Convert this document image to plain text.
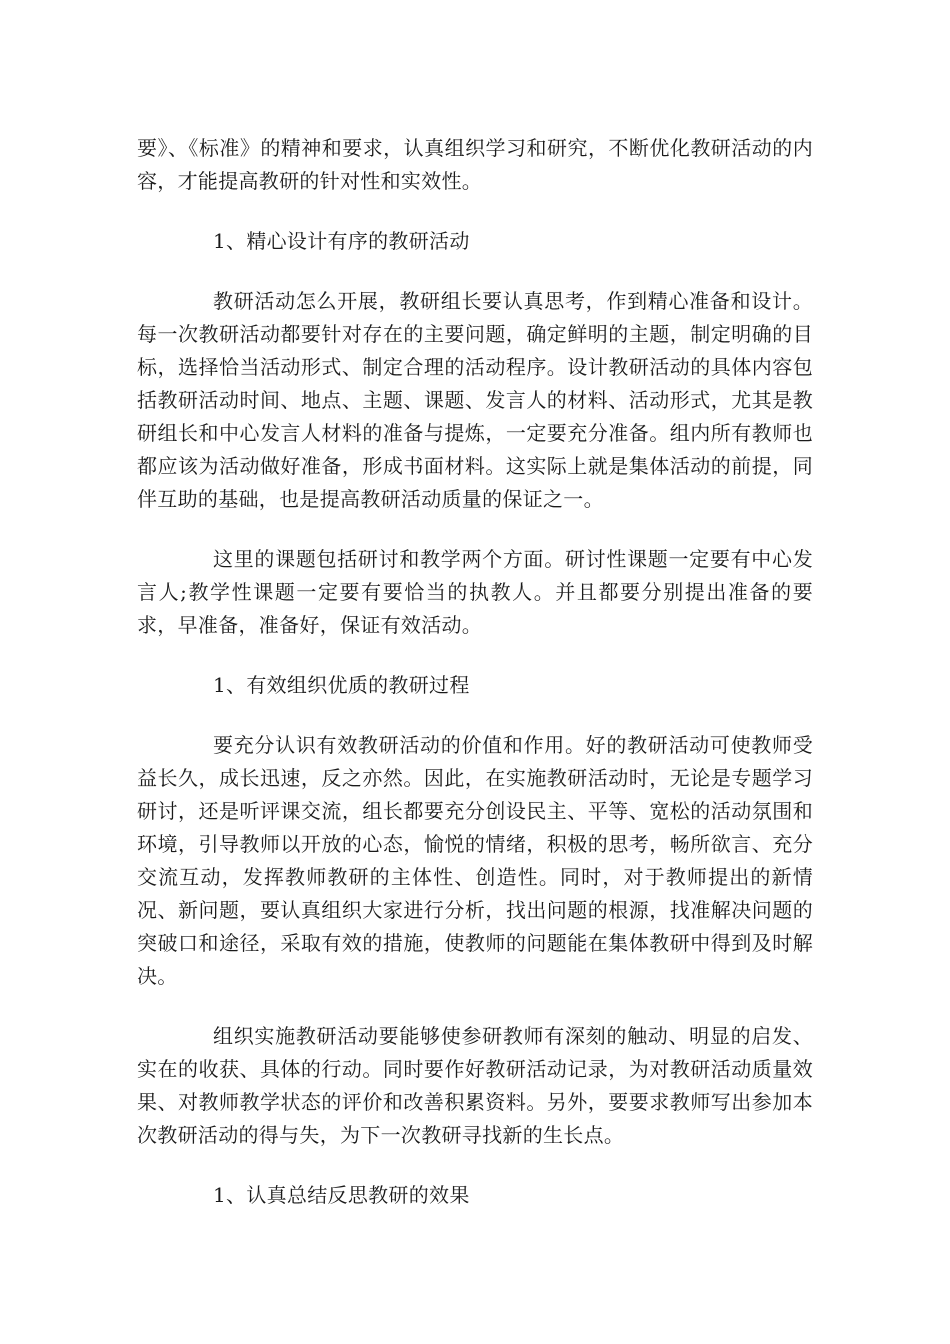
要》、《标准》的精神和要求，认真组织学习和研究，不断优化教研活动的内容，才能提高教研的针对性和实效性。

1、精心设计有序的教研活动

教研活动怎么开展，教研组长要认真思考，作到精心准备和设计。每一次教研活动都要针对存在的主要问题，确定鲜明的主题，制定明确的目标，选择恰当活动形式、制定合理的活动程序。设计教研活动的具体内容包括教研活动时间、地点、主题、课题、发言人的材料、活动形式，尤其是教研组长和中心发言人材料的准备与提炼，一定要充分准备。组内所有教师也都应该为活动做好准备，形成书面材料。这实际上就是集体活动的前提，同伴互助的基础，也是提高教研活动质量的保证之一。

这里的课题包括研讨和教学两个方面。研讨性课题一定要有中心发言人;教学性课题一定要有要恰当的执教人。并且都要分别提出准备的要求，早准备，准备好，保证有效活动。

1、有效组织优质的教研过程

要充分认识有效教研活动的价值和作用。好的教研活动可使教师受益长久，成长迅速，反之亦然。因此，在实施教研活动时，无论是专题学习研讨，还是听评课交流，组长都要充分创设民主、平等、宽松的活动氛围和环境，引导教师以开放的心态，愉悦的情绪，积极的思考，畅所欲言、充分交流互动，发挥教师教研的主体性、创造性。同时，对于教师提出的新情况、新问题，要认真组织大家进行分析，找出问题的根源，找准解决问题的突破口和途径，采取有效的措施，使教师的问题能在集体教研中得到及时解决。

组织实施教研活动要能够使参研教师有深刻的触动、明显的启发、实在的收获、具体的行动。同时要作好教研活动记录，为对教研活动质量效果、对教师教学状态的评价和改善积累资料。另外，要要求教师写出参加本次教研活动的得与失，为下一次教研寻找新的生长点。

1、认真总结反思教研的效果
